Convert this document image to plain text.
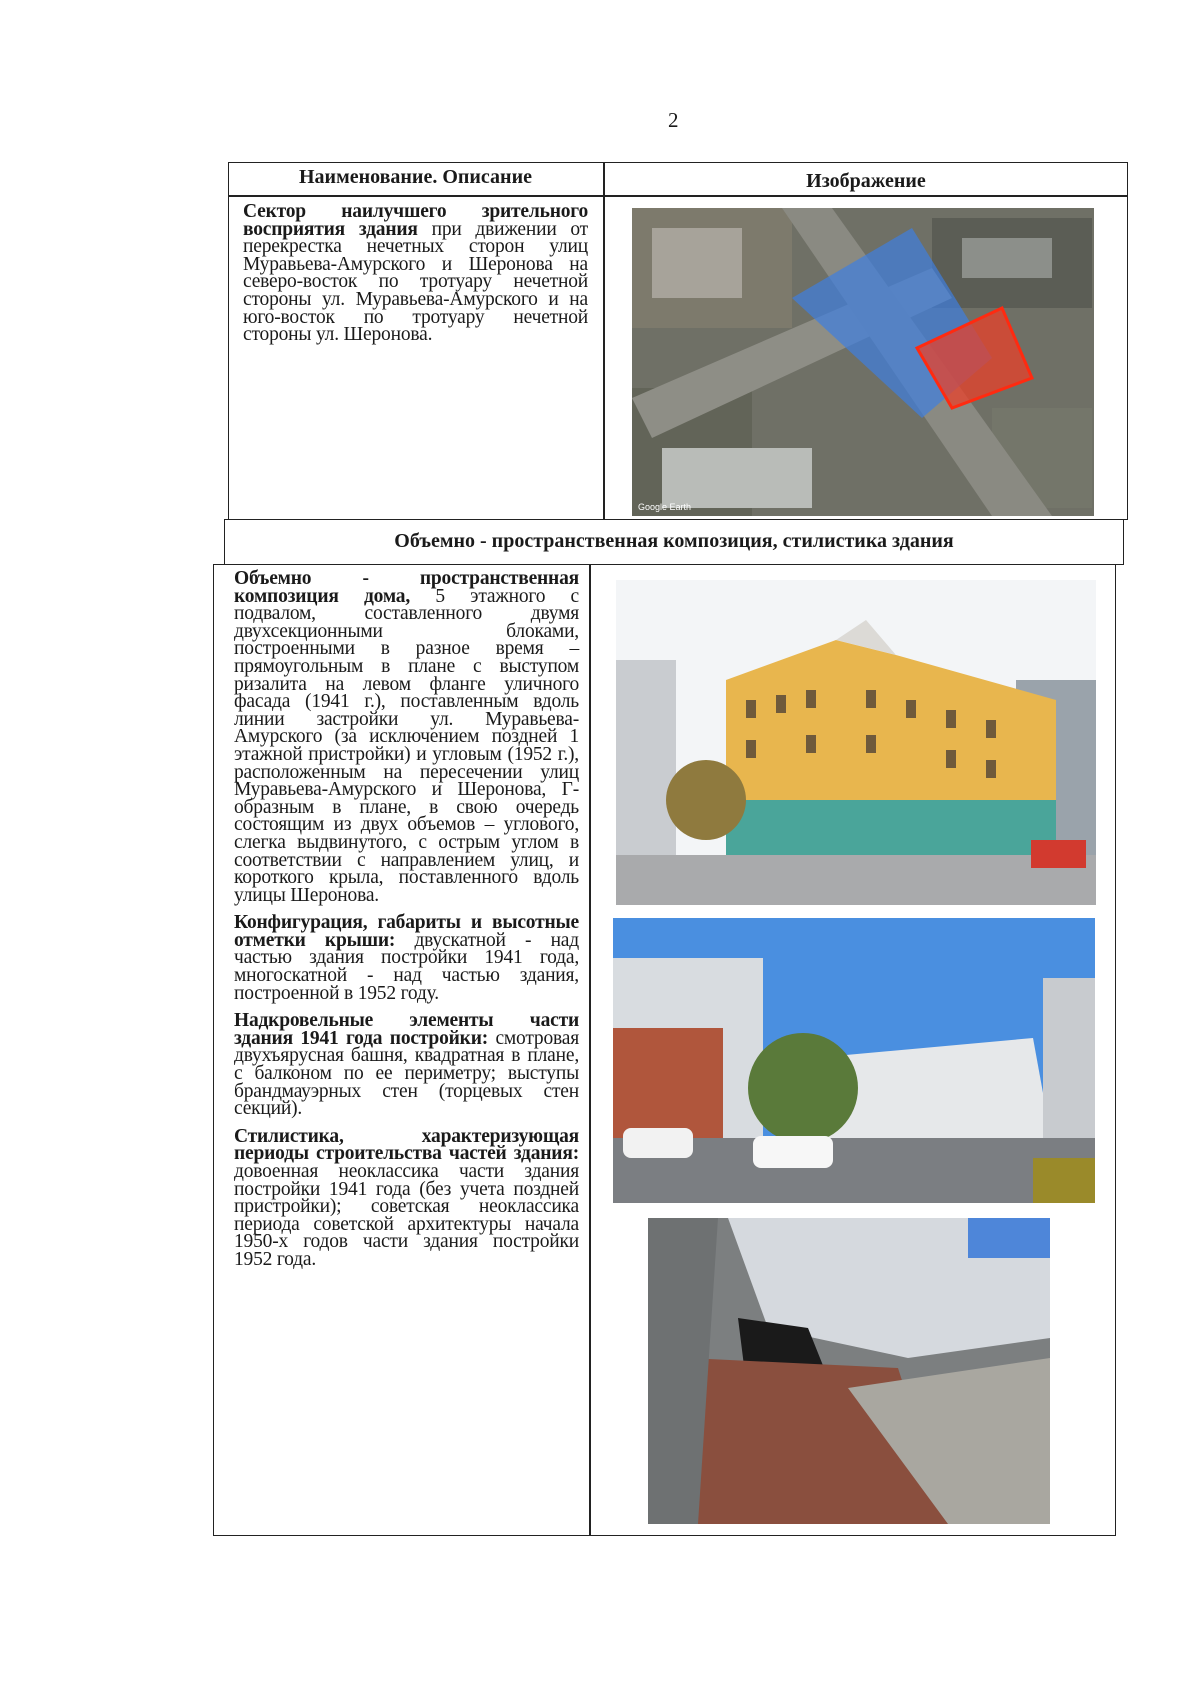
2
Наименование. Описание	Изображение

Сектор наилучшего зрительного восприятия здания при движении от перекрестка нечетных сторон улиц Муравьева-Амурского и Шеронова на северо-восток по тротуару нечетной стороны ул. Муравьева-Амурского и на юго-восток по тротуару нечетной стороны ул. Шеронова.

Google Earth
Объемно - пространственная композиция, стилистика здания

Объемно - пространственная композиция дома, 5 этажного с подвалом, составленного двумя двухсекционными блоками, построенными в разное время – прямоугольным в плане с выступом ризалита на левом фланге уличного фасада (1941 г.), поставленным вдоль линии застройки ул. Муравьева-Амурского (за исключением поздней 1 этажной пристройки) и угловым (1952 г.), расположенным на пересечении улиц Муравьева-Амурского и Шеронова, Г-образным в плане, в свою очередь состоящим из двух объемов – углового, слегка выдвинутого, с острым углом в соответствии с направлением улиц, и короткого крыла, поставленного вдоль улицы Шеронова.

Конфигурация, габариты и высотные отметки крыши: двускатной - над частью здания постройки 1941 года, многоскатной - над частью здания, построенной в 1952 году.

Надкровельные элементы части здания 1941 года постройки: смотровая двухъярусная башня, квадратная в плане, с балконом по ее периметру; выступы брандмауэрных стен (торцевых стен секций).

Стилистика, характеризующая периоды строительства частей здания: довоенная неоклассика части здания постройки 1941 года (без учета поздней пристройки); советская неоклассика периода советской архитектуры начала 1950-х годов части здания постройки 1952 года.
